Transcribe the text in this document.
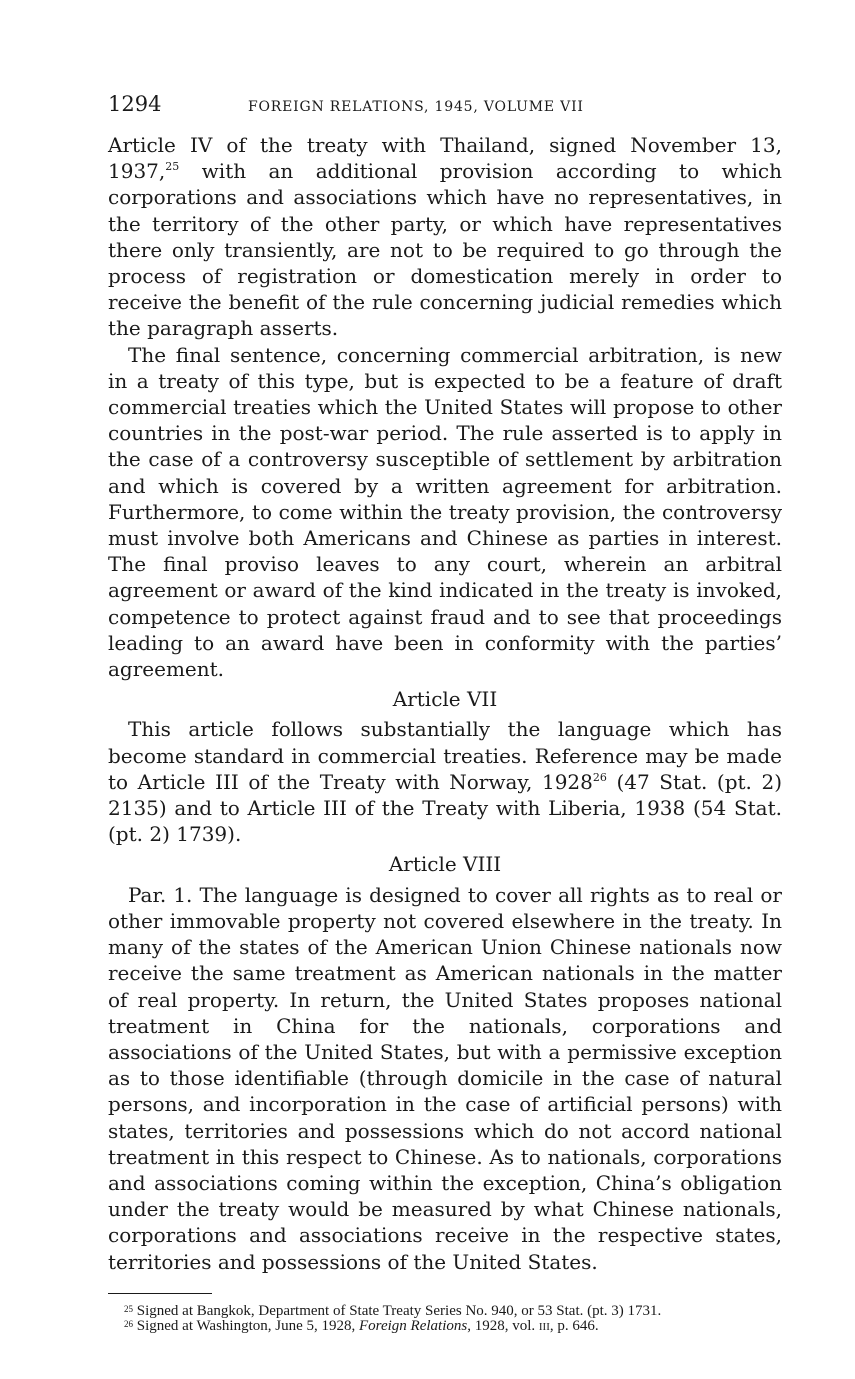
1294	FOREIGN RELATIONS, 1945, VOLUME VII

Article IV of the treaty with Thailand, signed November 13, 1937,25 with an additional provision according to which corporations and associations which have no representatives, in the territory of the other party, or which have representatives there only transiently, are not to be required to go through the process of registration or domestication merely in order to receive the benefit of the rule concerning judicial remedies which the paragraph asserts.

The final sentence, concerning commercial arbitration, is new in a treaty of this type, but is expected to be a feature of draft commercial treaties which the United States will propose to other countries in the post-war period. The rule asserted is to apply in the case of a controversy susceptible of settlement by arbitration and which is covered by a written agreement for arbitration. Furthermore, to come within the treaty provision, the controversy must involve both Americans and Chinese as parties in interest. The final proviso leaves to any court, wherein an arbitral agreement or award of the kind indicated in the treaty is invoked, competence to protect against fraud and to see that proceedings leading to an award have been in conformity with the parties’ agreement.

Article VII

This article follows substantially the language which has become standard in commercial treaties. Reference may be made to Article III of the Treaty with Norway, 1928$^{26}$ (47 Stat. (pt. 2) 2135) and to Article III of the Treaty with Liberia, 1938 (54 Stat. (pt. 2) 1739).

Article VIII

Par. 1. The language is designed to cover all rights as to real or other immovable property not covered elsewhere in the treaty. In many of the states of the American Union Chinese nationals now receive the same treatment as American nationals in the matter of real property. In return, the United States proposes national treatment in China for the nationals, corporations and associations of the United States, but with a permissive exception as to those identifiable (through domicile in the case of natural persons, and incorporation in the case of artificial persons) with states, territories and possessions which do not accord national treatment in this respect to Chinese. As to nationals, corporations and associations coming within the exception, China’s obligation under the treaty would be measured by what Chinese nationals, corporations and associations receive in the respective states, territories and possessions of the United States.

$^{25}$ Signed at Bangkok, Department of State Treaty Series No. 940, or 53 Stat. (pt. 3) 1731.

$^{26}$ Signed at Washington, June 5, 1928, Foreign Relations, 1928, vol. iii, p. 646.
